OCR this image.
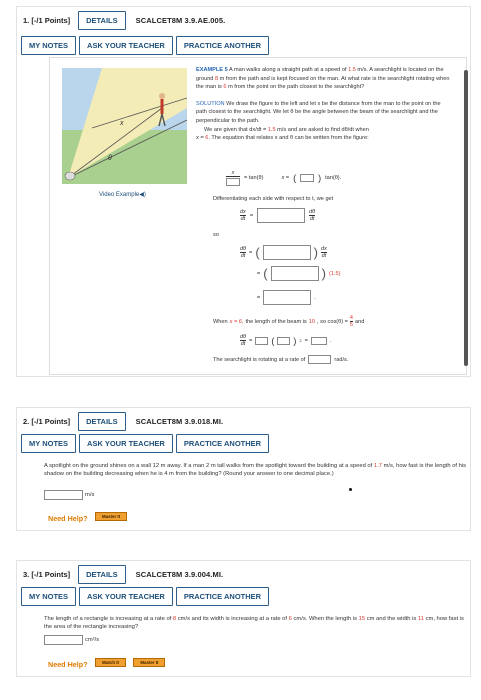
1. [-/1 Points]	DETAILS	SCALCET8M 3.9.AE.005.
MY NOTES	ASK YOUR TEACHER	PRACTICE ANOTHER
x
θ
Video Example◀)

EXAMPLE 5 A man walks along a straight path at a speed of 1.5 m/s. A searchlight is located on the ground 8 m from the path and is kept focused on the man. At what rate is the searchlight rotating when the man is 6 m from the point on the path closest to the searchlight?

SOLUTION We draw the figure to the left and let x be the distance from the man to the point on the path closest to the searchlight. We let θ be the angle between the beam of the searchlight and the perpendicular to the path.

We are given that dx/dt = 1.5 m/s and are asked to find dθ/dt when

x = 6. The equation that relates x and θ can be written from the figure:

x
= tan(θ)	x = ( ) tan(θ).
Differentiating each side with respect to t, we get
$\frac{dx}{dt}$ =	$\frac{d\theta}{dt}$
so
$\frac{d\theta}{dt}$ = (	) $\frac{dx}{dt}$
= (	) (1.5)
=	.
When x = 6, the length of the beam is 10 , so $\cos(\theta) = \frac{4}{5}$ and
$\frac{d\theta}{dt}$ = ( ) 2 =	.
The searchlight is rotating at a rate of	rad/s.
2. [-/1 Points]	DETAILS	SCALCET8M 3.9.018.MI.
MY NOTES	ASK YOUR TEACHER	PRACTICE ANOTHER
A spotlight on the ground shines on a wall 12 m away. If a man 2 m tall walks from the spotlight toward the building at a speed of 1.7 m/s, how fast is the length of his shadow on the building decreasing when he is 4 m from the building? (Round your answer to one decimal place.)
m/s
Need Help?	Master It
3. [-/1 Points]	DETAILS	SCALCET8M 3.9.004.MI.
MY NOTES	ASK YOUR TEACHER	PRACTICE ANOTHER
The length of a rectangle is increasing at a rate of 8 cm/s and its width is increasing at a rate of 6 cm/s. When the length is 15 cm and the width is 11 cm, how fast is the area of the rectangle increasing?
cm²/s
Need Help?	Watch It	Master It
